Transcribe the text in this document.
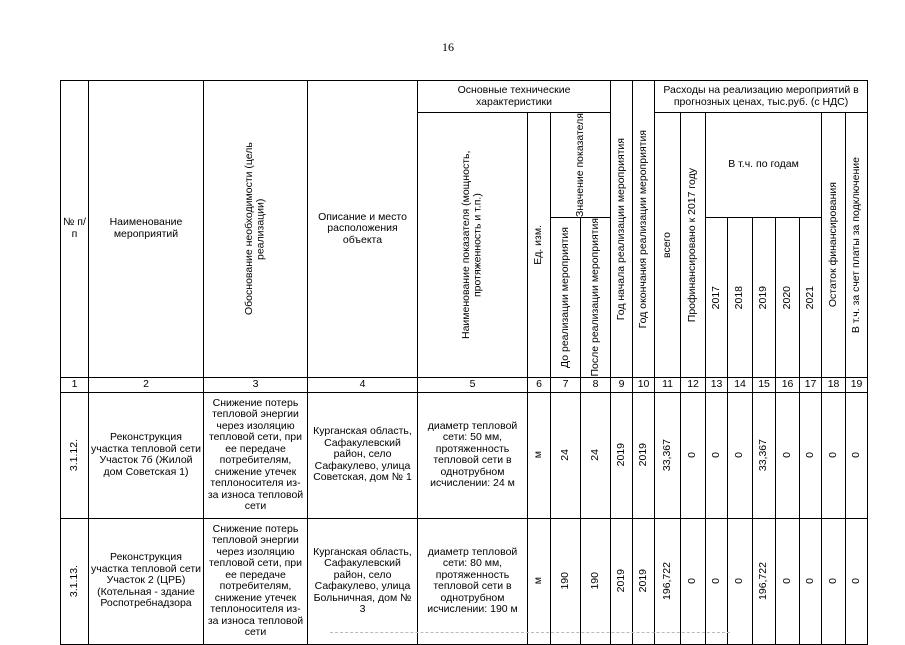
16
№ п/п	Наименование мероприятий	Обоснование необходимости (цель реализации)	Описание и место расположения объекта	Основные технические характеристики				Год начала реализации мероприятия	Год окончания реализации мероприятия	Расходы на реализацию мероприятий в прогнозных ценах, тыс.руб. (с НДС)								

				Наименование показателя (мощность, протяженность и т.п.)	Ед. изм.	Значение показателя				всего	Профинансировано к 2017 году	В т.ч. по годам					Остаток финансирования	В т.ч. за счет платы за подключение

						До реализации мероприятия	После реализации мероприятия					2017	2018	2019	2020	2021		

1	2	3	4	5	6	7	8	9	10	11	12	13	14	15	16	17	18	19

3.1.12.	Реконструкция участка тепловой сети Участок 7б (Жилой дом Советская 1)	Снижение потерь тепловой энергии через изоляцию тепловой сети, при ее передаче потребителям, снижение утечек теплоносителя из-за износа тепловой сети	Курганская область, Сафакулевский район, село Сафакулево, улица Советская, дом № 1	диаметр тепловой сети: 50 мм, протяженность тепловой сети в однотрубном исчислении: 24 м	м	24	24	2019	2019	33,367	0	0	0	33,367	0	0	0	0

3.1.13.	Реконструкция участка тепловой сети Участок 2 (ЦРБ) (Котельная - здание Роспотребнадзора	Снижение потерь тепловой энергии через изоляцию тепловой сети, при ее передаче потребителям, снижение утечек теплоносителя из-за износа тепловой сети	Курганская область, Сафакулевский район, село Сафакулево, улица Больничная, дом № 3	диаметр тепловой сети: 80 мм, протяженность тепловой сети в однотрубном исчислении: 190 м	м	190	190	2019	2019	196,722	0	0	0	196,722	0	0	0	0
